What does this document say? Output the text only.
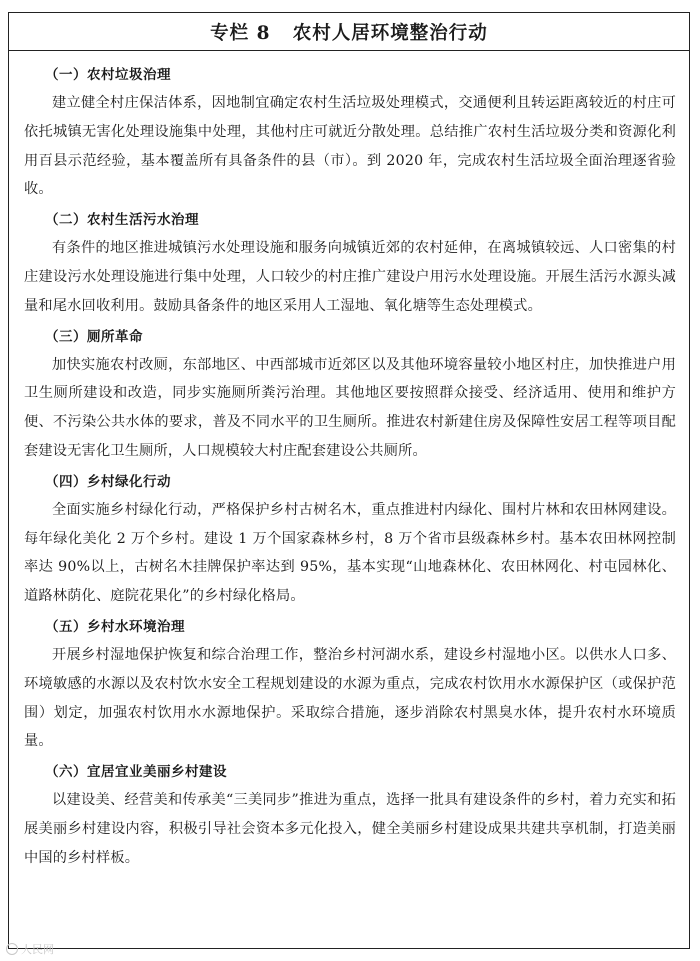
专栏 8   农村人居环境整治行动
（一）农村垃圾治理

建立健全村庄保洁体系，因地制宜确定农村生活垃圾处理模式，交通便利且转运距离较近的村庄可依托城镇无害化处理设施集中处理，其他村庄可就近分散处理。总结推广农村生活垃圾分类和资源化利用百县示范经验，基本覆盖所有具备条件的县（市）。到 2020 年，完成农村生活垃圾全面治理逐省验收。

（二）农村生活污水治理

有条件的地区推进城镇污水处理设施和服务向城镇近郊的农村延伸，在离城镇较远、人口密集的村庄建设污水处理设施进行集中处理，人口较少的村庄推广建设户用污水处理设施。开展生活污水源头减量和尾水回收利用。鼓励具备条件的地区采用人工湿地、氧化塘等生态处理模式。

（三）厕所革命

加快实施农村改厕，东部地区、中西部城市近郊区以及其他环境容量较小地区村庄，加快推进户用卫生厕所建设和改造，同步实施厕所粪污治理。其他地区要按照群众接受、经济适用、使用和维护方便、不污染公共水体的要求，普及不同水平的卫生厕所。推进农村新建住房及保障性安居工程等项目配套建设无害化卫生厕所，人口规模较大村庄配套建设公共厕所。

（四）乡村绿化行动

全面实施乡村绿化行动，严格保护乡村古树名木，重点推进村内绿化、围村片林和农田林网建设。每年绿化美化 2 万个乡村。建设 1 万个国家森林乡村，8 万个省市县级森林乡村。基本农田林网控制率达 90%以上，古树名木挂牌保护率达到 95%，基本实现“山地森林化、农田林网化、村屯园林化、道路林荫化、庭院花果化”的乡村绿化格局。

（五）乡村水环境治理

开展乡村湿地保护恢复和综合治理工作，整治乡村河湖水系，建设乡村湿地小区。以供水人口多、环境敏感的水源以及农村饮水安全工程规划建设的水源为重点，完成农村饮用水水源保护区（或保护范围）划定，加强农村饮用水水源地保护。采取综合措施，逐步消除农村黑臭水体，提升农村水环境质量。

（六）宜居宜业美丽乡村建设

以建设美、经营美和传承美“三美同步”推进为重点，选择一批具有建设条件的乡村，着力充实和拓展美丽乡村建设内容，积极引导社会资本多元化投入，健全美丽乡村建设成果共建共享机制，打造美丽中国的乡村样板。

人民网
